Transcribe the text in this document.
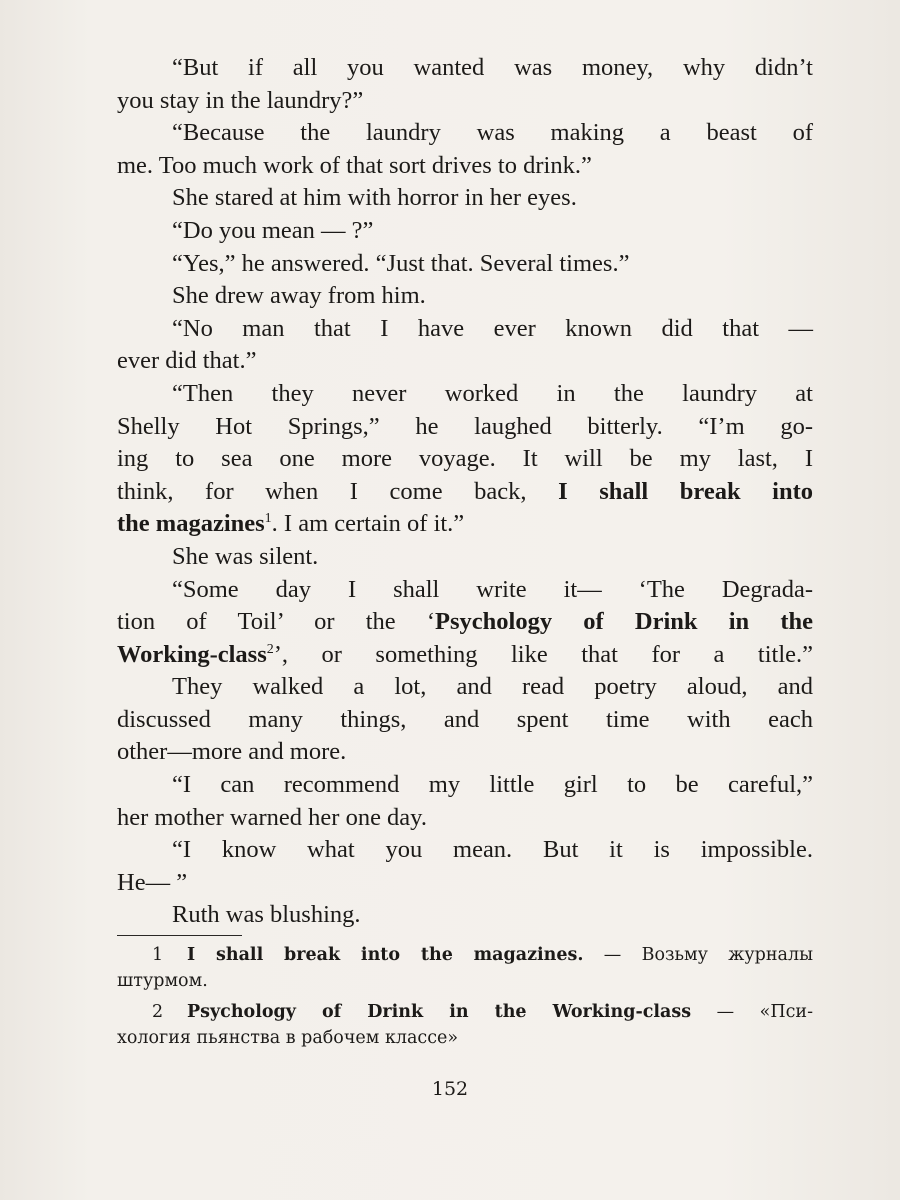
“But if all you wanted was money, why didn’t
you stay in the laundry?”
“Because the laundry was making a beast of
me. Too much work of that sort drives to drink.”
She stared at him with horror in her eyes.
“Do you mean — ?”
“Yes,” he answered. “Just that. Several times.”
She drew away from him.
“No man that I have ever known did that —
ever did that.”
“Then they never worked in the laundry at
Shelly Hot Springs,” he laughed bitterly. “I’m go-
ing to sea one more voyage. It will be my last, I
think, for when I come back, I shall break into
the magazines$^1$. I am certain of it.”
She was silent.
“Some day I shall write it— ‘The Degrada-
tion of Toil’ or the ‘Psychology of Drink in the
Working-class$^2$’, or something like that for a title.”
They walked a lot, and read poetry aloud, and
discussed many things, and spent time with each
other—more and more.
“I can recommend my little girl to be careful,”
her mother warned her one day.
“I know what you mean. But it is impossible.
He— ”
Ruth was blushing.
1 I shall break into the magazines. — Возьму журналы
штурмом.
2 Psychology of Drink in the Working-class — «Пси-
хология пьянства в рабочем классе»
152
